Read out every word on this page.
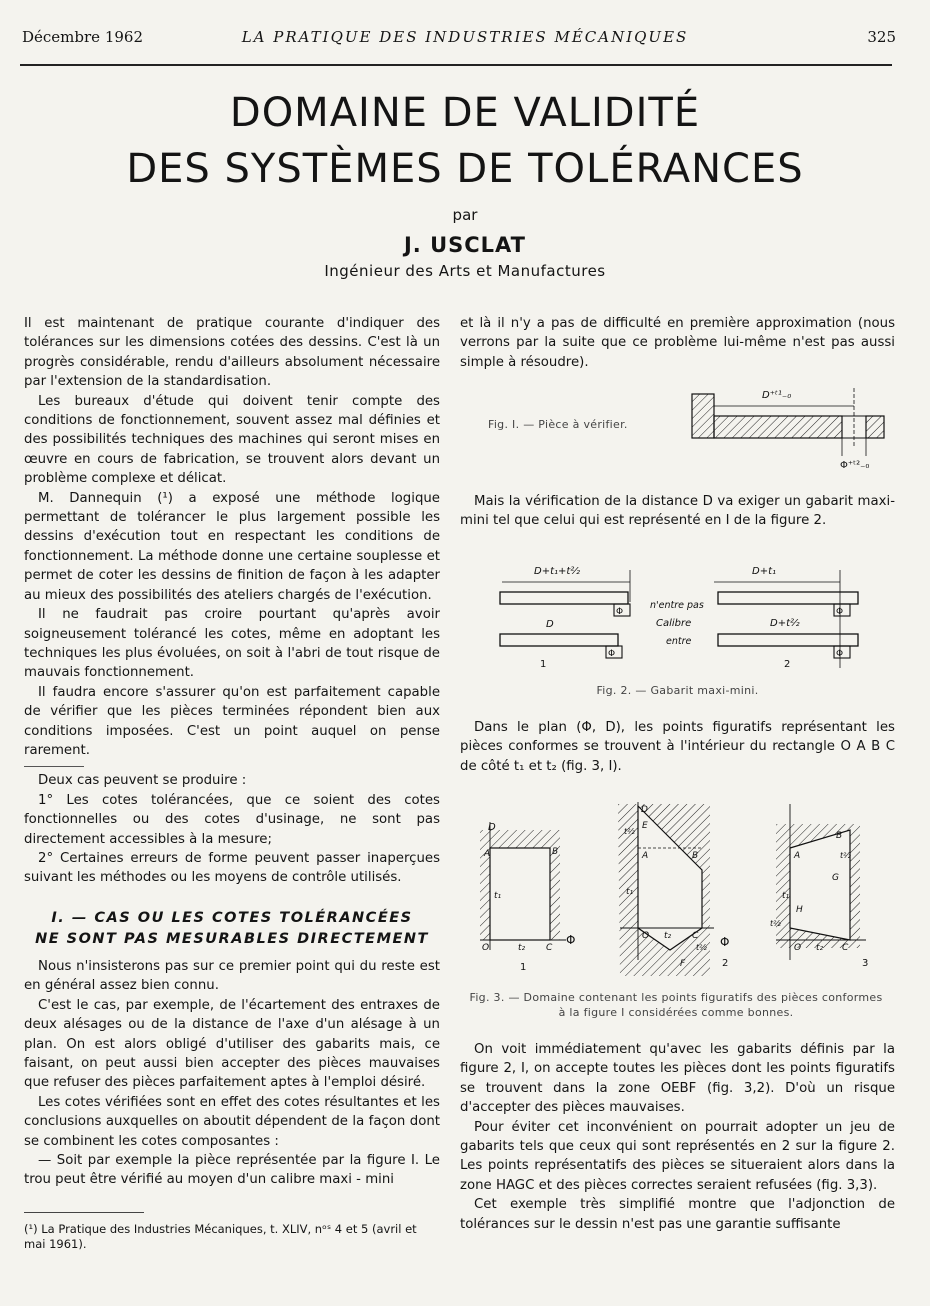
Décembre 1962	LA PRATIQUE DES INDUSTRIES MÉCANIQUES	325
DOMAINE DE VALIDITÉ
DES SYSTÈMES DE TOLÉRANCES
par
J. USCLAT
Ingénieur des Arts et Manufactures

Il est maintenant de pratique courante d'indiquer des tolérances sur les dimensions cotées des dessins. C'est là un progrès considérable, rendu d'ailleurs absolument nécessaire par l'extension de la standardisation.

Les bureaux d'étude qui doivent tenir compte des conditions de fonctionnement, souvent assez mal définies et des possibilités techniques des machines qui seront mises en œuvre en cours de fabrication, se trouvent alors devant un problème complexe et délicat.

M. Dannequin (¹) a exposé une méthode logique permettant de tolérancer le plus largement possible les dessins d'exécution tout en respectant les conditions de fonctionnement. La méthode donne une certaine souplesse et permet de coter les dessins de finition de façon à les adapter au mieux des possibilités des ateliers chargés de l'exécution.

Il ne faudrait pas croire pourtant qu'après avoir soigneusement tolérancé les cotes, même en adoptant les techniques les plus évoluées, on soit à l'abri de tout risque de mauvais fonctionnement.

Il faudra encore s'assurer qu'on est parfaitement capable de vérifier que les pièces terminées répondent bien aux conditions imposées. C'est un point auquel on pense rarement.

Deux cas peuvent se produire :

1° Les cotes tolérancées, que ce soient des cotes fonctionnelles ou des cotes d'usinage, ne sont pas directement accessibles à la mesure;

2° Certaines erreurs de forme peuvent passer inaperçues suivant les méthodes ou les moyens de contrôle utilisés.

I. — CAS OU LES COTES TOLÉRANCÉES
NE SONT PAS MESURABLES DIRECTEMENT

Nous n'insisterons pas sur ce premier point qui du reste est en général assez bien connu.

C'est le cas, par exemple, de l'écartement des entraxes de deux alésages ou de la distance de l'axe d'un alésage à un plan. On est alors obligé d'utiliser des gabarits mais, ce faisant, on peut aussi bien accepter des pièces mauvaises que refuser des pièces parfaitement aptes à l'emploi désiré.

Les cotes vérifiées sont en effet des cotes résultantes et les conclusions auxquelles on aboutit dépendent de la façon dont se combinent les cotes composantes :

— Soit par exemple la pièce représentée par la figure I. Le trou peut être vérifié au moyen d'un calibre maxi - mini

(¹) La Pratique des Industries Mécaniques, t. XLIV, nᵒˢ 4 et 5 (avril et mai 1961).

et là il n'y a pas de difficulté en première approximation (nous verrons par la suite que ce problème lui-même n'est pas aussi simple à résoudre).

Fig. I. — Pièce à vérifier.
D⁺ᵗ¹₋₀
Φ⁺ᵗ²₋₀

Mais la vérification de la distance D va exiger un gabarit maxi-mini tel que celui qui est représenté en I de la figure 2.

D+t₁+t²⁄₂
Φ
Φ
D
1
n'entre pas
Calibre
entre
D+t₁
Φ
Φ
D+t²⁄₂
2
Fig. 2. — Gabarit maxi-mini.

Dans le plan (Φ, D), les points figuratifs représentant les pièces conformes se trouvent à l'intérieur du rectangle O A B C de côté t₁ et t₂ (fig. 3, I).

D
A	B
O	C
t₁
t₂
Φ
1
D
E
t²⁄₂
A	B
t₁
O t₂ C
t²⁄₂
F
Φ
2
A
B
t²⁄₂
G
t₁
H
t²⁄₂
O t₂ C
3
Fig. 3. — Domaine contenant les points figuratifs des pièces conformes
à la figure I considérées comme bonnes.

On voit immédiatement qu'avec les gabarits définis par la figure 2, I, on accepte toutes les pièces dont les points figuratifs se trouvent dans la zone OEBF (fig. 3,2). D'où un risque d'accepter des pièces mauvaises.

Pour éviter cet inconvénient on pourrait adopter un jeu de gabarits tels que ceux qui sont représentés en 2 sur la figure 2. Les points représentatifs des pièces se situeraient alors dans la zone HAGC et des pièces correctes seraient refusées (fig. 3,3).

Cet exemple très simplifié montre que l'adjonction de tolérances sur le dessin n'est pas une garantie suffisante
